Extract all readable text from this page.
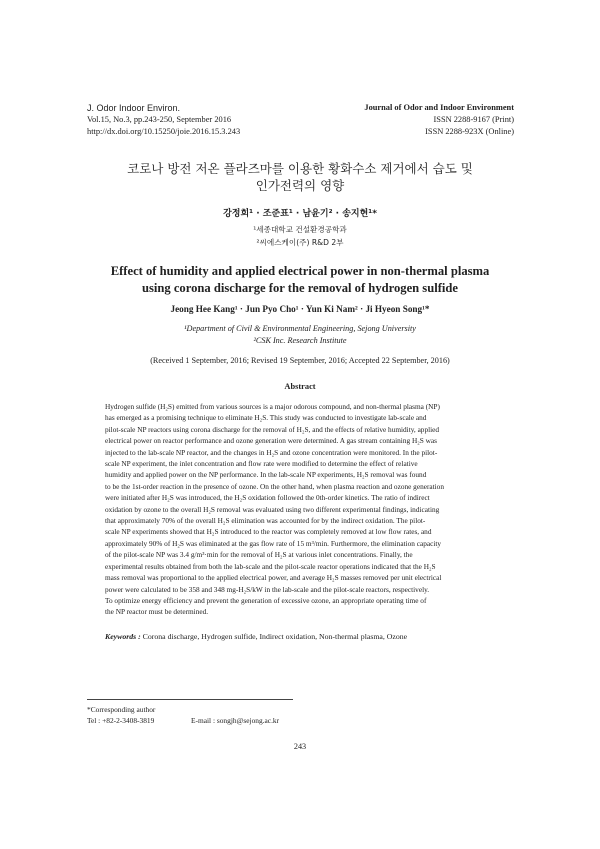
J. Odor Indoor Environ.
Vol.15, No.3, pp.243-250, September 2016
http://dx.doi.org/10.15250/joie.2016.15.3.243
Journal of Odor and Indoor Environment
ISSN 2288-9167 (Print)
ISSN 2288-923X (Online)
코로나 방전 저온 플라즈마를 이용한 황화수소 제거에서 습도 및
인가전력의 영향
강정희¹ · 조준표¹ · 남윤기² · 송지현¹*
¹세종대학교 건설환경공학과
²씨에스케이(주) R&D 2부
Effect of humidity and applied electrical power in non-thermal plasma
using corona discharge for the removal of hydrogen sulfide
Jeong Hee Kang¹ · Jun Pyo Cho¹ · Yun Ki Nam² · Ji Hyeon Song¹*
¹Department of Civil & Environmental Engineering, Sejong University
²CSK Inc. Research Institute
(Received 1 September, 2016; Revised 19 September, 2016; Accepted 22 September, 2016)
Abstract
Hydrogen sulfide (H₂S) emitted from various sources is a major odorous compound, and non-thermal plasma (NP)
has emerged as a promising technique to eliminate H₂S. This study was conducted to investigate lab-scale and
pilot-scale NP reactors using corona discharge for the removal of H₂S, and the effects of relative humidity, applied
electrical power on reactor performance and ozone generation were determined. A gas stream containing H₂S was
injected to the lab-scale NP reactor, and the changes in H₂S and ozone concentration were monitored. In the pilot-
scale NP experiment, the inlet concentration and flow rate were modified to determine the effect of relative
humidity and applied power on the NP performance. In the lab-scale NP experiments, H₂S removal was found
to be the 1st-order reaction in the presence of ozone. On the other hand, when plasma reaction and ozone generation
were initiated after H₂S was introduced, the H₂S oxidation followed the 0th-order kinetics. The ratio of indirect
oxidation by ozone to the overall H₂S removal was evaluated using two different experimental findings, indicating
that approximately 70% of the overall H₂S elimination was accounted for by the indirect oxidation. The pilot-
scale NP experiments showed that H₂S introduced to the reactor was completely removed at low flow rates, and
approximately 90% of H₂S was eliminated at the gas flow rate of 15 m³/min. Furthermore, the elimination capacity
of the pilot-scale NP was 3.4 g/m³·min for the removal of H₂S at various inlet concentrations. Finally, the
experimental results obtained from both the lab-scale and the pilot-scale reactor operations indicated that the H₂S
mass removal was proportional to the applied electrical power, and average H₂S masses removed per unit electrical
power were calculated to be 358 and 348 mg-H₂S/kW in the lab-scale and the pilot-scale reactors, respectively.
To optimize energy efficiency and prevent the generation of excessive ozone, an appropriate operating time of
the NP reactor must be determined.
Keywords : Corona discharge, Hydrogen sulfide, Indirect oxidation, Non-thermal plasma, Ozone
*Corresponding author
Tel : +82-2-3408-3819	E-mail : songjh@sejong.ac.kr
243
